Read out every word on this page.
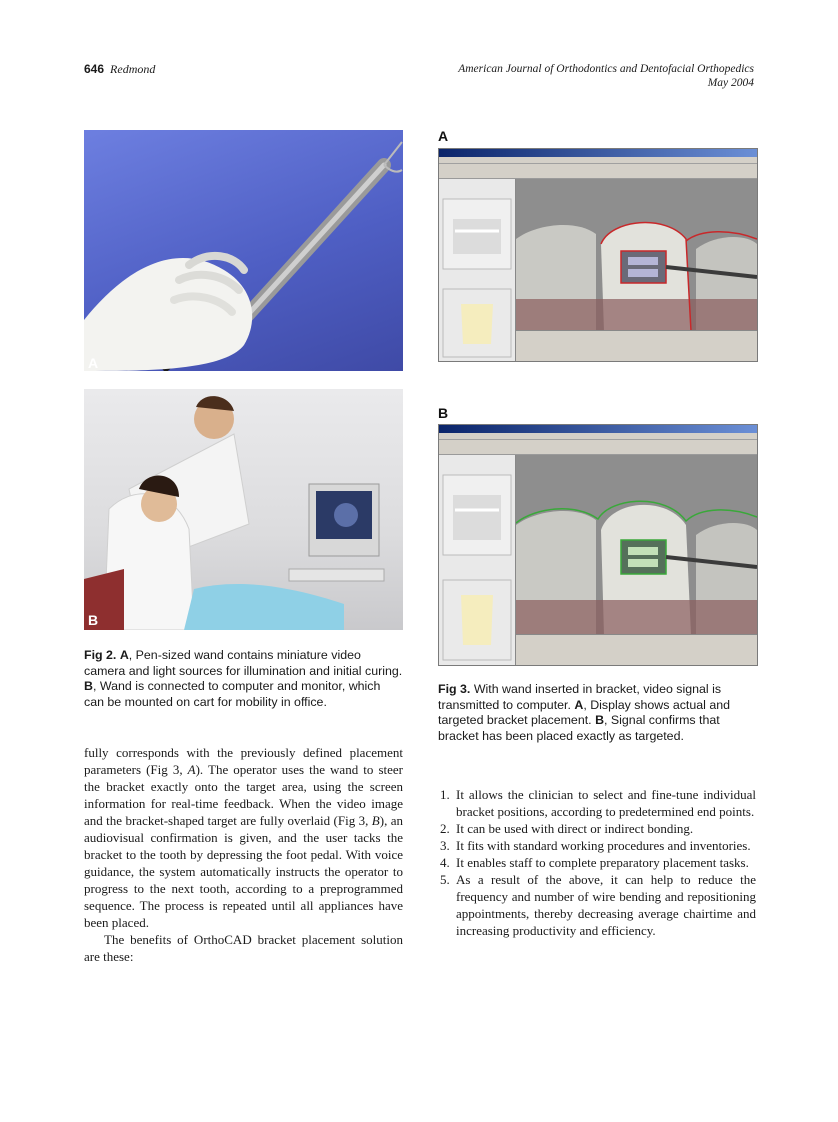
646 Redmond	American Journal of Orthodontics and Dentofacial Orthopedics
May 2004
A
B
Fig 2. A, Pen-sized wand contains miniature video camera and light sources for illumination and initial curing. B, Wand is connected to computer and monitor, which can be mounted on cart for mobility in office.
A
B
Fig 3. With wand inserted in bracket, video signal is transmitted to computer. A, Display shows actual and targeted bracket placement. B, Signal confirms that bracket has been placed exactly as targeted.

fully corresponds with the previously defined placement parameters (Fig 3, A). The operator uses the wand to steer the bracket exactly onto the target area, using the screen information for real-time feedback. When the video image and the bracket-shaped target are fully overlaid (Fig 3, B), an audiovisual confirmation is given, and the user tacks the bracket to the tooth by depressing the foot pedal. With voice guidance, the system automatically instructs the operator to progress to the next tooth, according to a preprogrammed sequence. The process is repeated until all appliances have been placed.

The benefits of OrthoCAD bracket placement solution are these:

1. It allows the clinician to select and fine-tune individual bracket positions, according to predetermined end points.
2. It can be used with direct or indirect bonding.
3. It fits with standard working procedures and inventories.
4. It enables staff to complete preparatory placement tasks.
5. As a result of the above, it can help to reduce the frequency and number of wire bending and repositioning appointments, thereby decreasing average chairtime and increasing productivity and efficiency.
